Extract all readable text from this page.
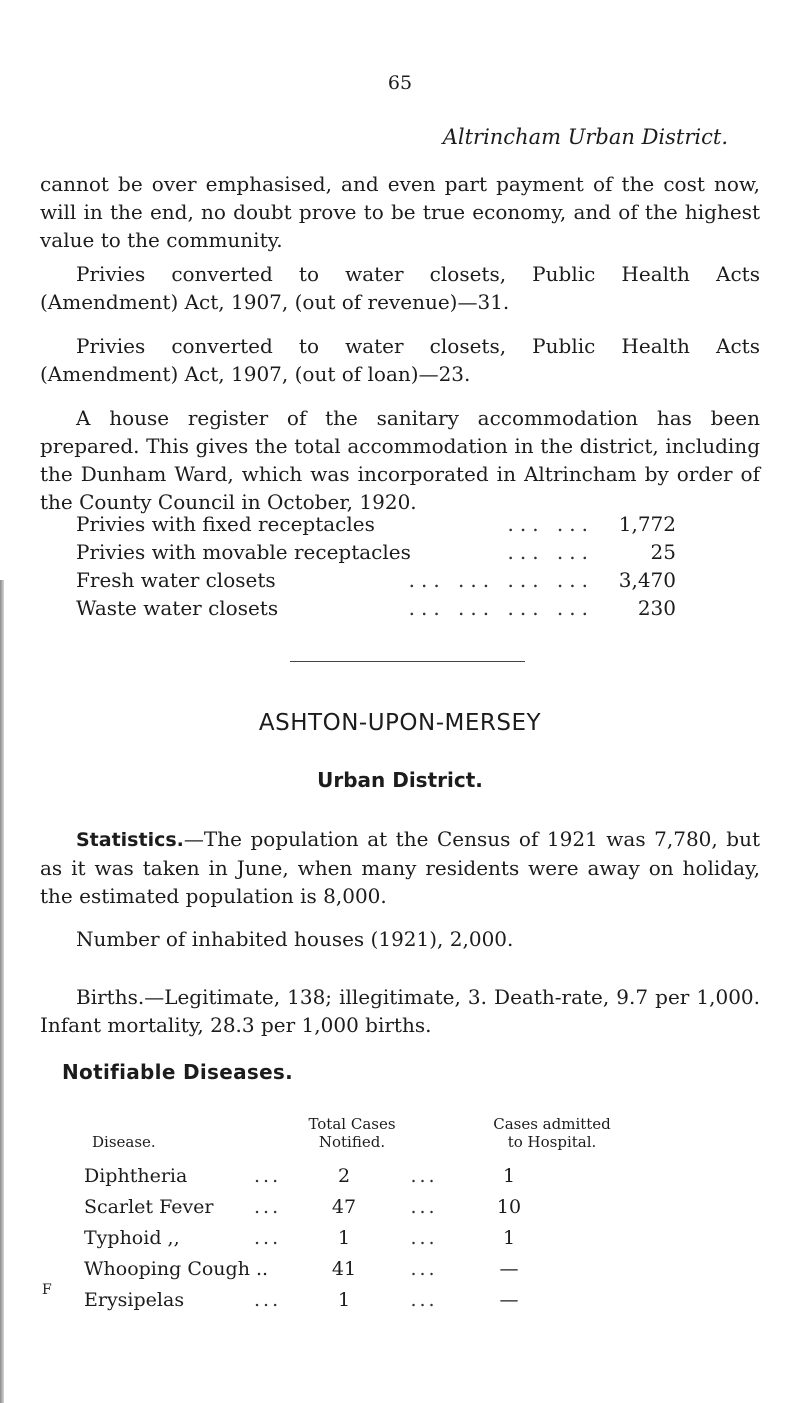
65
Altrincham Urban District.

cannot be over emphasised, and even part payment of the cost now, will in the end, no doubt prove to be true economy, and of the highest value to the community.

Privies converted to water closets, Public Health Acts (Amendment) Act, 1907, (out of revenue)—31.

Privies converted to water closets, Public Health Acts (Amendment) Act, 1907, (out of loan)—23.

A house register of the sanitary accommodation has been prepared. This gives the total accommodation in the district, including the Dunham Ward, which was incorporated in Altrincham by order of the County Council in October, 1920.

Privies with fixed receptacles	... ...	1,772
Privies with movable receptacles	... ...	25
Fresh water closets	... ... ... ...	3,470
Waste water closets	... ... ... ...	230
ASHTON-UPON-MERSEY
Urban District.

Statistics.—The population at the Census of 1921 was 7,780, but as it was taken in June, when many residents were away on holiday, the estimated population is 8,000.

Number of inhabited houses (1921), 2,000.

Births.—Legitimate, 138; illegitimate, 3. Death-rate, 9.7 per 1,000. Infant mortality, 28.3 per 1,000 births.

Notifiable Diseases.
Disease.
Total Cases
Notified.
Cases admitted
to Hospital.
Diphtheria	...	2	...	1
Scarlet Fever	...	47	...	10
Typhoid ,,	...	1	...	1
Whooping Cough ..	41	...	—
Erysipelas	...	1	...	—
F
